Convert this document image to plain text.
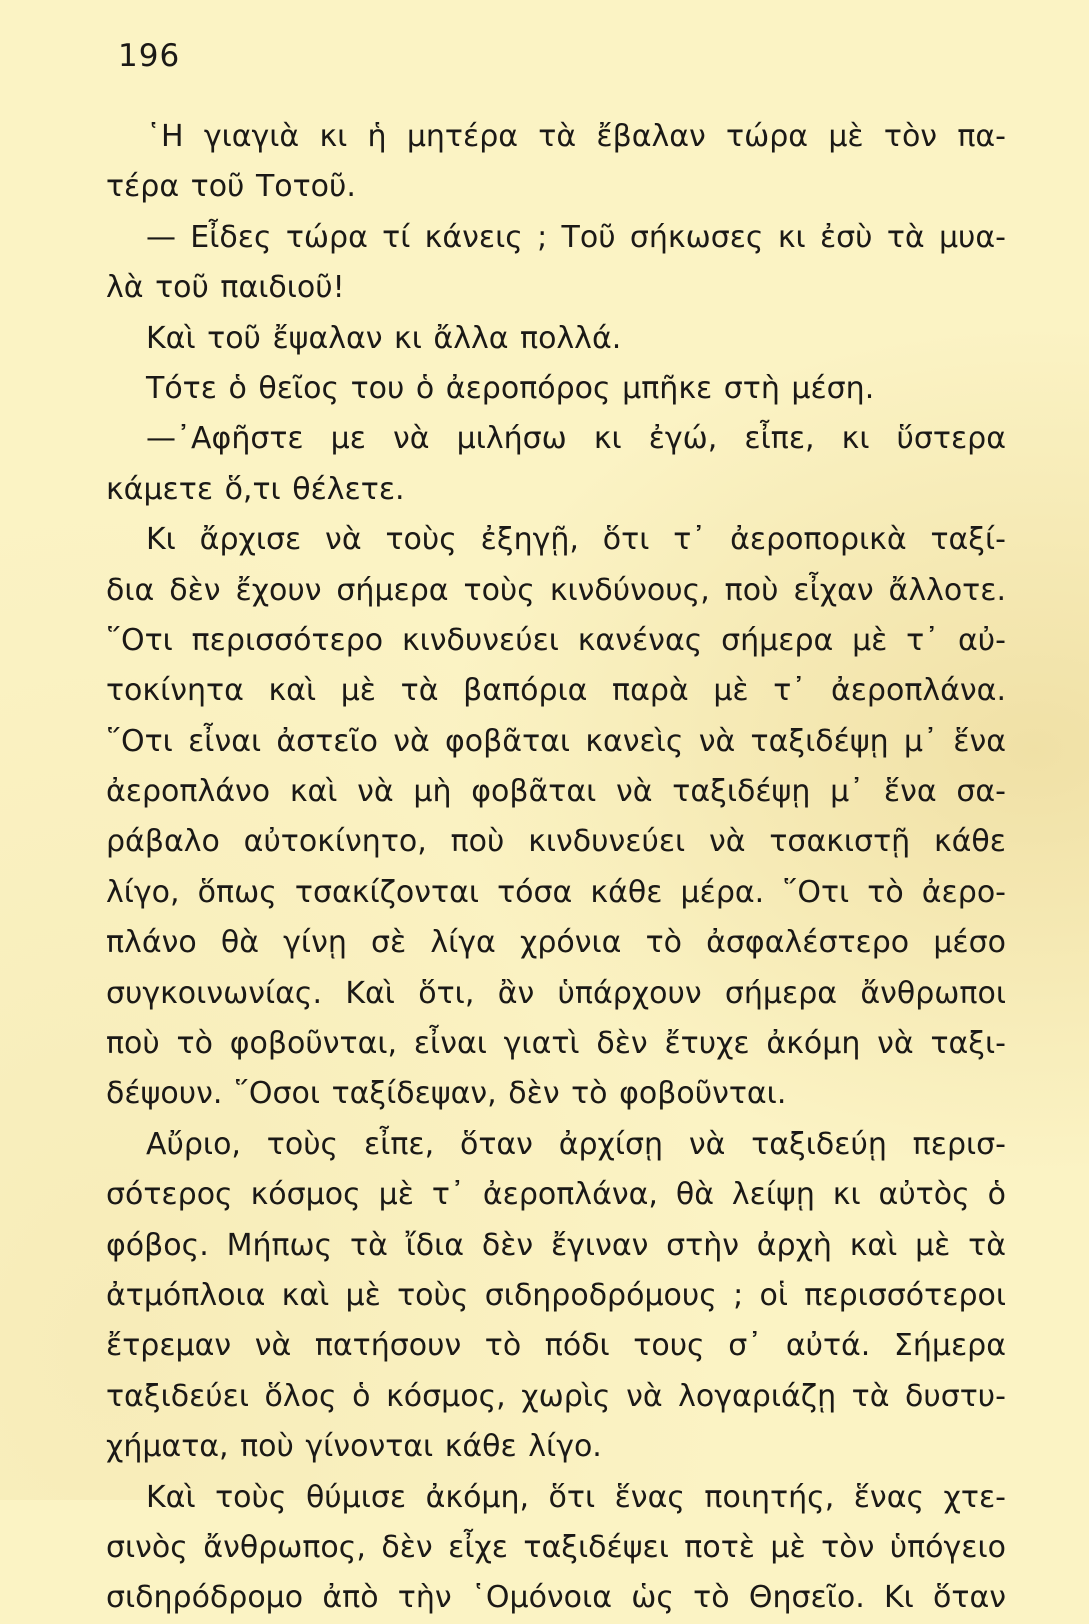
196
῾Η γιαγιὰ κι ἡ μητέρα τὰ ἔβαλαν τώρα μὲ τὸν πα-
τέρα τοῦ Τοτοῦ.
— Εἶδες τώρα τί κάνεις ; Τοῦ σήκωσες κι ἐσὺ τὰ μυα-
λὰ τοῦ παιδιοῦ!
Καὶ τοῦ ἔψαλαν κι ἄλλα πολλά.
Τότε ὁ θεῖος του ὁ ἀεροπόρος μπῆκε στὴ μέση.
—᾿Αφῆστε με νὰ μιλήσω κι ἐγώ, εἶπε, κι ὕστερα
κάμετε ὅ,τι θέλετε.
Κι ἄρχισε νὰ τοὺς ἐξηγῇ, ὅτι τ᾿ ἀεροπορικὰ ταξί-
δια δὲν ἔχουν σήμερα τοὺς κινδύνους, ποὺ εἶχαν ἄλλοτε.
῞Οτι περισσότερο κινδυνεύει κανένας σήμερα μὲ τ᾿ αὐ-
τοκίνητα καὶ μὲ τὰ βαπόρια παρὰ μὲ τ᾿ ἀεροπλάνα.
῞Οτι εἶναι ἀστεῖο νὰ φοβᾶται κανεὶς νὰ ταξιδέψῃ μ᾿ ἕνα
ἀεροπλάνο καὶ νὰ μὴ φοβᾶται νὰ ταξιδέψῃ μ᾿ ἕνα σα-
ράβαλο αὐτοκίνητο, ποὺ κινδυνεύει νὰ τσακιστῇ κάθε
λίγο, ὅπως τσακίζονται τόσα κάθε μέρα. ῞Οτι τὸ ἀερο-
πλάνο θὰ γίνῃ σὲ λίγα χρόνια τὸ ἀσφαλέστερο μέσο
συγκοινωνίας. Καὶ ὅτι, ἂν ὑπάρχουν σήμερα ἄνθρωποι
ποὺ τὸ φοβοῦνται, εἶναι γιατὶ δὲν ἔτυχε ἀκόμη νὰ ταξι-
δέψουν. ῞Οσοι ταξίδεψαν, δὲν τὸ φοβοῦνται.
Αὔριο, τοὺς εἶπε, ὅταν ἀρχίσῃ νὰ ταξιδεύῃ περισ-
σότερος κόσμος μὲ τ᾿ ἀεροπλάνα, θὰ λείψῃ κι αὐτὸς ὁ
φόβος. Μήπως τὰ ἴδια δὲν ἔγιναν στὴν ἀρχὴ καὶ μὲ τὰ
ἀτμόπλοια καὶ μὲ τοὺς σιδηροδρόμους ; οἱ περισσότεροι
ἔτρεμαν νὰ πατήσουν τὸ πόδι τους σ᾿ αὐτά. Σήμερα
ταξιδεύει ὅλος ὁ κόσμος, χωρὶς νὰ λογαριάζῃ τὰ δυστυ-
χήματα, ποὺ γίνονται κάθε λίγο.
Καὶ τοὺς θύμισε ἀκόμη, ὅτι ἕνας ποιητής, ἕνας χτε-
σινὸς ἄνθρωπος, δὲν εἶχε ταξιδέψει ποτὲ μὲ τὸν ὑπόγειο
σιδηρόδρομο ἀπὸ τὴν ῾Ομόνοια ὡς τὸ Θησεῖο. Κι ὅταν
